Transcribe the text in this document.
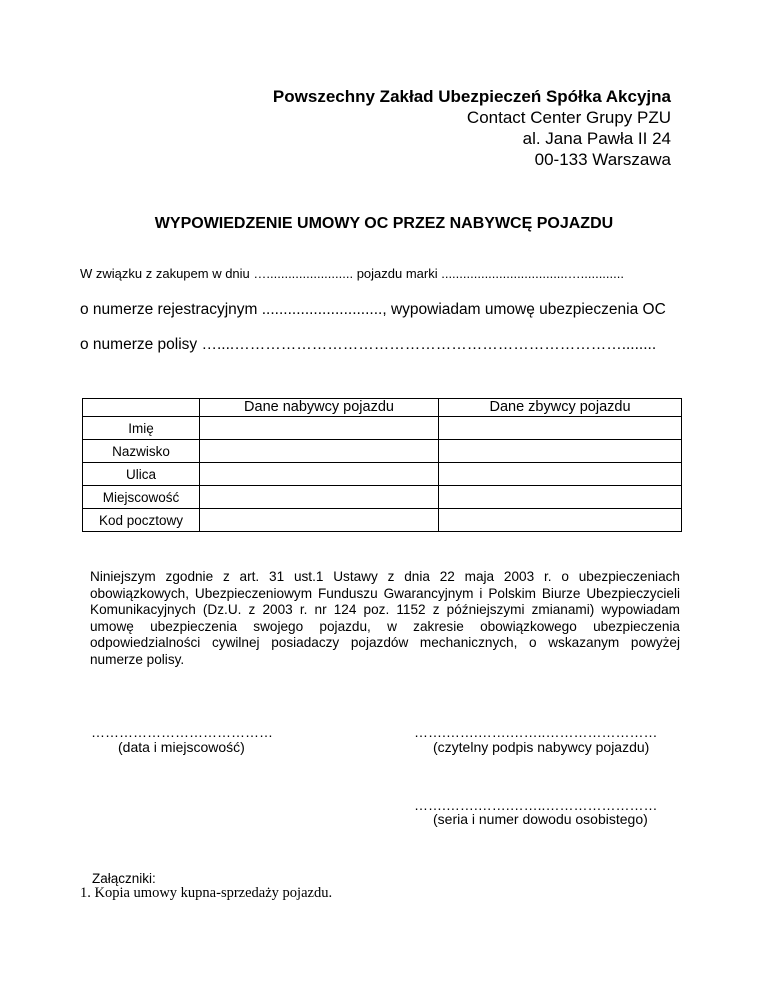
Powszechny Zakład Ubezpieczeń Spółka Akcyjna
Contact Center Grupy PZU
al. Jana Pawła II 24
00-133 Warszawa
WYPOWIEDZENIE UMOWY OC PRZEZ NABYWCĘ POJAZDU
W związku z zakupem w dniu …........................ pojazdu marki ...................................…............
o numerze rejestracyjnym ............................, wypowiadam umowę ubezpieczenia OC
o numerze polisy …....…………………………………………………………………........
	Dane nabywcy pojazdu	Dane zbywcy pojazdu
Imię		
Nazwisko		
Ulica		
Miejscowość		
Kod pocztowy		
Niniejszym zgodnie z art. 31 ust.1 Ustawy z dnia 22 maja 2003 r. o ubezpieczeniach obowiązkowych, Ubezpieczeniowym Funduszu Gwarancyjnym i Polskim Biurze Ubezpieczycieli Komunikacyjnych (Dz.U. z 2003 r. nr 124 poz. 1152 z późniejszymi zmianami) wypowiadam umowę ubezpieczenia swojego pojazdu, w zakresie obowiązkowego ubezpieczenia odpowiedzialności cywilnej posiadaczy pojazdów mechanicznych, o wskazanym powyżej numerze polisy.
…………………………………
(data i miejscowość)
…….…….…….……..……………………
(czytelny podpis nabywcy pojazdu)
…….…….…….……..……………………
(seria i numer dowodu osobistego)
Załączniki:
1. Kopia umowy kupna-sprzedaży pojazdu.
